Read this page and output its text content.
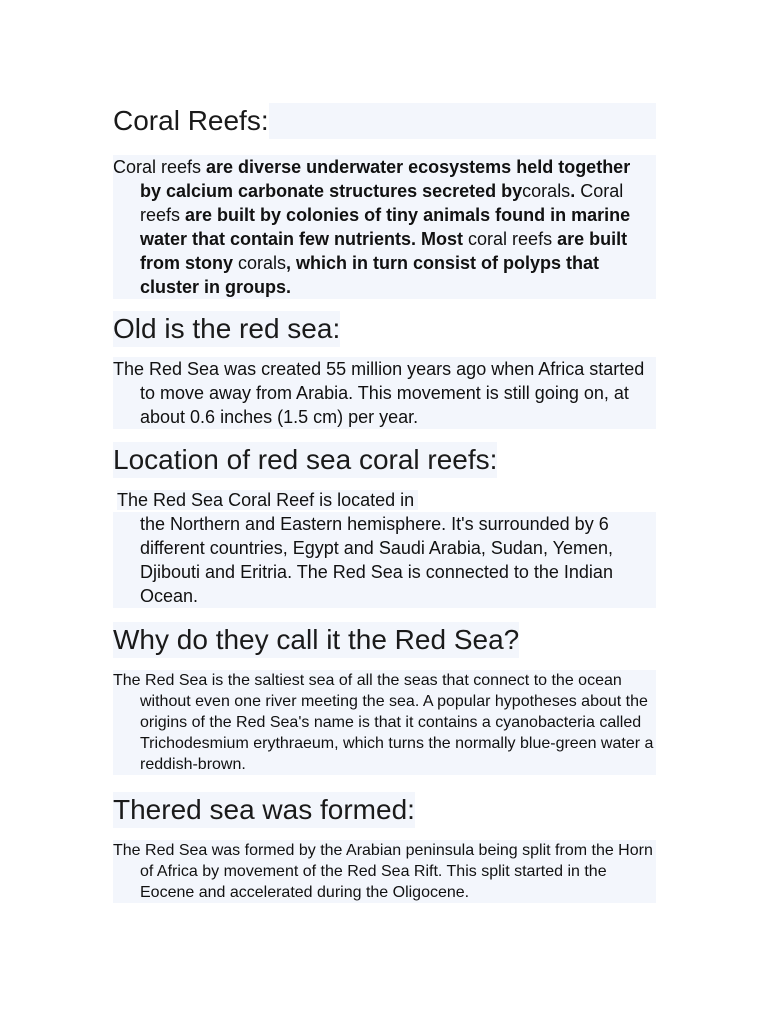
Coral Reefs:

Coral reefs are diverse underwater ecosystems held together by calcium carbonate structures secreted bycorals. Coral reefs are built by colonies of tiny animals found in marine water that contain few nutrients. Most coral reefs are built from stony corals, which in turn consist of polyps that cluster in groups.

Old is the red sea:

The Red Sea was created 55 million years ago when Africa started to move away from Arabia. This movement is still going on, at about 0.6 inches (1.5 cm) per year.

Location of red sea coral reefs:
The Red Sea Coral Reef is located in
the Northern and Eastern hemisphere. It's surrounded by 6 different countries, Egypt and Saudi Arabia, Sudan, Yemen, Djibouti and Eritria. The Red Sea is connected to the Indian Ocean.
Why do they call it the Red Sea?

The Red Sea is the saltiest sea of all the seas that connect to the ocean without even one river meeting the sea. A popular hypotheses about the origins of the Red Sea's name is that it contains a cyanobacteria called Trichodesmium erythraeum, which turns the normally blue-green water a reddish-brown.

Thered sea was formed:

The Red Sea was formed by the Arabian peninsula being split from the Horn of Africa by movement of the Red Sea Rift. This split started in the Eocene and accelerated during the Oligocene.
